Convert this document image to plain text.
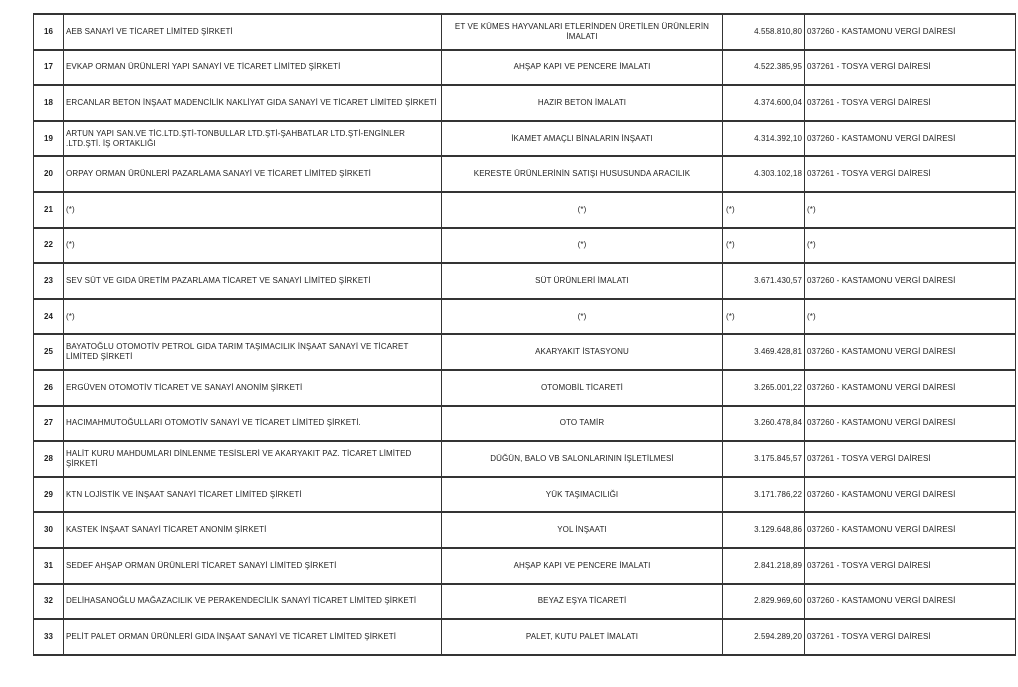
16	AEB SANAYİ VE TİCARET LİMİTED ŞİRKETİ	ET VE KÜMES HAYVANLARI ETLERİNDEN ÜRETİLEN ÜRÜNLERİN İMALATI	4.558.810,80	037260 - KASTAMONU VERGİ DAİRESİ
17	EVKAP ORMAN ÜRÜNLERİ YAPI SANAYİ VE TİCARET LİMİTED ŞİRKETİ	AHŞAP KAPI VE PENCERE İMALATI	4.522.385,95	037261 - TOSYA VERGİ DAİRESİ
18	ERCANLAR BETON İNŞAAT MADENCİLİK NAKLİYAT GIDA SANAYİ VE TİCARET LİMİTED ŞİRKETİ	HAZIR BETON İMALATI	4.374.600,04	037261 - TOSYA VERGİ DAİRESİ
19	ARTUN YAPI SAN.VE TİC.LTD.ŞTİ-TONBULLAR LTD.ŞTİ-ŞAHBATLAR LTD.ŞTİ-ENGİNLER .LTD.ŞTİ. İŞ ORTAKLIĞI	İKAMET AMAÇLI BİNALARIN İNŞAATI	4.314.392,10	037260 - KASTAMONU VERGİ DAİRESİ
20	ORPAY ORMAN ÜRÜNLERİ PAZARLAMA SANAYİ VE TİCARET LİMİTED ŞİRKETİ	KERESTE ÜRÜNLERİNİN SATIŞI HUSUSUNDA ARACILIK	4.303.102,18	037261 - TOSYA VERGİ DAİRESİ
21	(*)	(*)	(*)	(*)
22	(*)	(*)	(*)	(*)
23	SEV SÜT VE GIDA ÜRETİM PAZARLAMA TİCARET VE SANAYİ LİMİTED ŞİRKETİ	SÜT ÜRÜNLERİ İMALATI	3.671.430,57	037260 - KASTAMONU VERGİ DAİRESİ
24	(*)	(*)	(*)	(*)
25	BAYATOĞLU OTOMOTİV PETROL GIDA TARIM TAŞIMACILIK İNŞAAT SANAYİ VE TİCARET LİMİTED ŞİRKETİ	AKARYAKIT İSTASYONU	3.469.428,81	037260 - KASTAMONU VERGİ DAİRESİ
26	ERGÜVEN OTOMOTİV TİCARET VE SANAYİ ANONİM ŞİRKETİ	OTOMOBİL TİCARETİ	3.265.001,22	037260 - KASTAMONU VERGİ DAİRESİ
27	HACIMAHMUTOĞULLARI OTOMOTİV SANAYİ VE TİCARET LİMİTED ŞİRKETİ.	OTO TAMİR	3.260.478,84	037260 - KASTAMONU VERGİ DAİRESİ
28	HALİT KURU MAHDUMLARI DİNLENME TESİSLERİ VE AKARYAKIT PAZ. TİCARET LİMİTED ŞİRKETİ	DÜĞÜN, BALO VB SALONLARININ İŞLETİLMESİ	3.175.845,57	037261 - TOSYA VERGİ DAİRESİ
29	KTN LOJİSTİK VE İNŞAAT SANAYİ TİCARET LİMİTED ŞİRKETİ	YÜK TAŞIMACILIĞI	3.171.786,22	037260 - KASTAMONU VERGİ DAİRESİ
30	KASTEK İNŞAAT SANAYİ TİCARET ANONİM ŞİRKETİ	YOL İNŞAATI	3.129.648,86	037260 - KASTAMONU VERGİ DAİRESİ
31	SEDEF AHŞAP ORMAN ÜRÜNLERİ TİCARET SANAYİ LİMİTED ŞİRKETİ	AHŞAP KAPI VE PENCERE İMALATI	2.841.218,89	037261 - TOSYA VERGİ DAİRESİ
32	DELİHASANOĞLU MAĞAZACILIK VE PERAKENDECİLİK SANAYİ TİCARET LİMİTED ŞİRKETİ	BEYAZ EŞYA TİCARETİ	2.829.969,60	037260 - KASTAMONU VERGİ DAİRESİ
33	PELİT PALET ORMAN ÜRÜNLERİ GIDA İNŞAAT SANAYİ VE TİCARET LİMİTED ŞİRKETİ	PALET, KUTU PALET İMALATI	2.594.289,20	037261 - TOSYA VERGİ DAİRESİ
